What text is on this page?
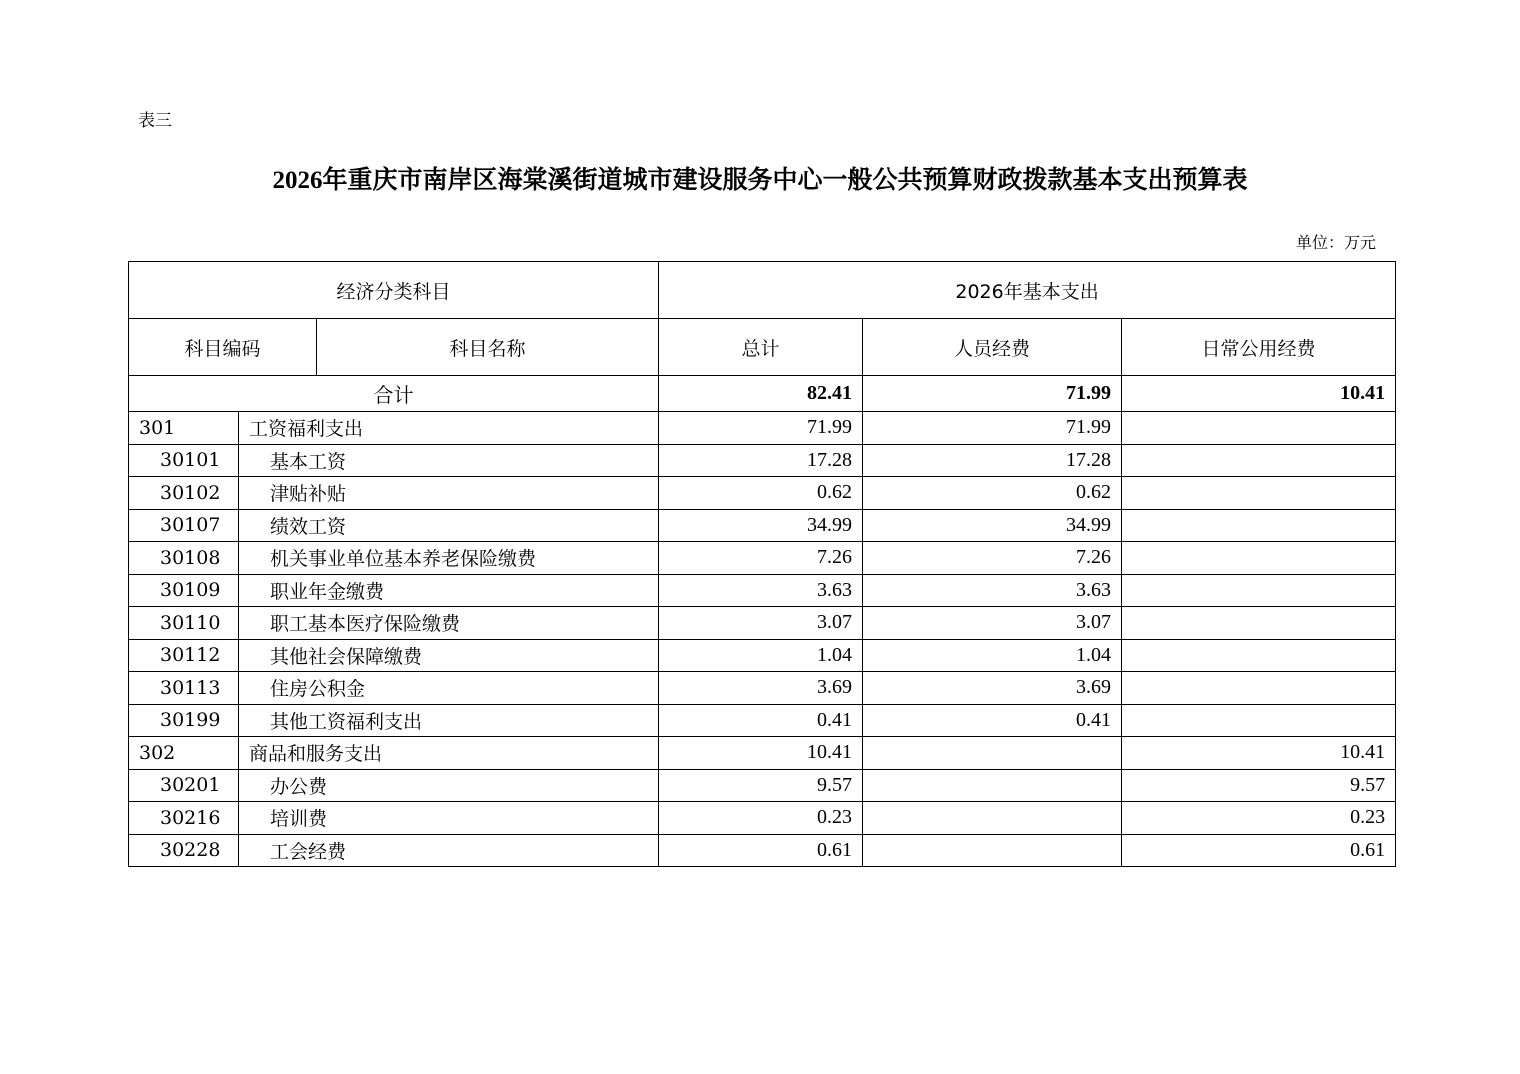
表三
2026年重庆市南岸区海棠溪街道城市建设服务中心一般公共预算财政拨款基本支出预算表
单位：万元
经济分类科目			2026年基本支出		
科目编码		科目名称	总计	人员经费	日常公用经费
合计			82.41	71.99	10.41
301	工资福利支出		71.99	71.99	
30101	基本工资		17.28	17.28	
30102	津贴补贴		0.62	0.62	
30107	绩效工资		34.99	34.99	
30108	机关事业单位基本养老保险缴费		7.26	7.26	
30109	职业年金缴费		3.63	3.63	
30110	职工基本医疗保险缴费		3.07	3.07	
30112	其他社会保障缴费		1.04	1.04	
30113	住房公积金		3.69	3.69	
30199	其他工资福利支出		0.41	0.41	
302	商品和服务支出		10.41		10.41
30201	办公费		9.57		9.57
30216	培训费		0.23		0.23
30228	工会经费		0.61		0.61
